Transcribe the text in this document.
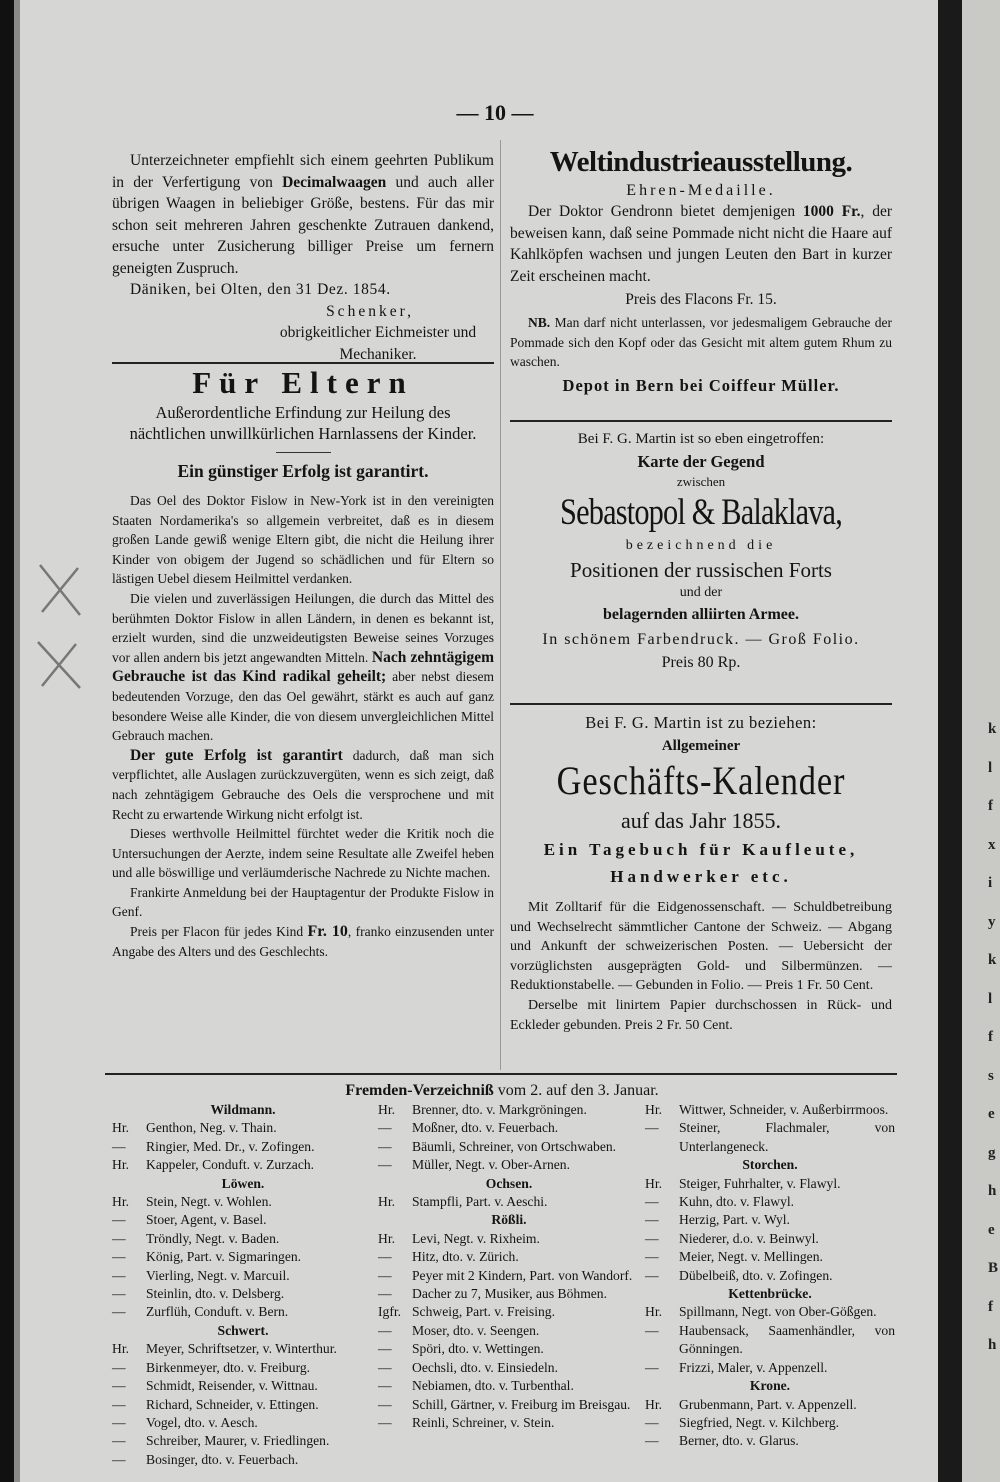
k
l
f
x
i
y
k
l
f
s
e
g
h
e
B
f
h
— 10 —

Unterzeichneter empfiehlt sich einem geehrten Publikum in der Verfertigung von Decimalwaagen und auch aller übrigen Waagen in beliebiger Größe, bestens. Für das mir schon seit mehreren Jahren geschenkte Zutrauen dankend, ersuche unter Zusicherung billiger Preise um fernern geneigten Zuspruch.

Däniken, bei Olten, den 31 Dez. 1854.

Schenker,

obrigkeitlicher Eichmeister und Mechaniker.

Für Eltern

Außerordentliche Erfindung zur Heilung des nächtlichen unwillkürlichen Harnlassens der Kinder.

Ein günstiger Erfolg ist garantirt.

Das Oel des Doktor Fislow in New-York ist in den vereinigten Staaten Nordamerika's so allgemein verbreitet, daß es in diesem großen Lande gewiß wenige Eltern gibt, die nicht die Heilung ihrer Kinder von obigem der Jugend so schädlichen und für Eltern so lästigen Uebel diesem Heilmittel verdanken.

Die vielen und zuverlässigen Heilungen, die durch das Mittel des berühmten Doktor Fislow in allen Ländern, in denen es bekannt ist, erzielt wurden, sind die unzweideutigsten Beweise seines Vorzuges vor allen andern bis jetzt angewandten Mitteln. Nach zehntägigem Gebrauche ist das Kind radikal geheilt; aber nebst diesem bedeutenden Vorzuge, den das Oel gewährt, stärkt es auch auf ganz besondere Weise alle Kinder, die von diesem unvergleichlichen Mittel Gebrauch machen.

Der gute Erfolg ist garantirt dadurch, daß man sich verpflichtet, alle Auslagen zurückzuvergüten, wenn es sich zeigt, daß nach zehntägigem Gebrauche des Oels die versprochene und mit Recht zu erwartende Wirkung nicht erfolgt ist.

Dieses werthvolle Heilmittel fürchtet weder die Kritik noch die Untersuchungen der Aerzte, indem seine Resultate alle Zweifel heben und alle böswillige und verläumderische Nachrede zu Nichte machen.

Frankirte Anmeldung bei der Hauptagentur der Produkte Fislow in Genf.

Preis per Flacon für jedes Kind Fr. 10, franko einzusenden unter Angabe des Alters und des Geschlechts.

Weltindustrieausstellung.

Ehren-Medaille.

Der Doktor Gendronn bietet demjenigen 1000 Fr., der beweisen kann, daß seine Pommade nicht nicht die Haare auf Kahlköpfen wachsen und jungen Leuten den Bart in kurzer Zeit erscheinen macht.

Preis des Flacons Fr. 15.

NB. Man darf nicht unterlassen, vor jedesmaligem Gebrauche der Pommade sich den Kopf oder das Gesicht mit altem gutem Rhum zu waschen.

Depot in Bern bei Coiffeur Müller.

Bei F. G. Martin ist so eben eingetroffen:

Karte der Gegend

zwischen

Sebastopol & Balaklava,

bezeichnend die

Positionen der russischen Forts

und der

belagernden alliirten Armee.

In schönem Farbendruck. — Groß Folio.

Preis 80 Rp.

Bei F. G. Martin ist zu beziehen:

Allgemeiner

Geschäfts-Kalender

auf das Jahr 1855.

Ein Tagebuch für Kaufleute,

Handwerker etc.

Mit Zolltarif für die Eidgenossenschaft. — Schuldbetreibung und Wechselrecht sämmtlicher Cantone der Schweiz. — Abgang und Ankunft der schweizerischen Posten. — Uebersicht der vorzüglichsten ausgeprägten Gold- und Silbermünzen. — Reduktionstabelle. — Gebunden in Folio. — Preis 1 Fr. 50 Cent.

Derselbe mit linirtem Papier durchschossen in Rück- und Eckleder gebunden. Preis 2 Fr. 50 Cent.

Fremden-Verzeichniß vom 2. auf den 3. Januar.
Wildmann.
Hr.	Genthon, Neg. v. Thain.
—	Ringier, Med. Dr., v. Zofingen.
Hr.	Kappeler, Conduft. v. Zurzach.
Löwen.
Hr.	Stein, Negt. v. Wohlen.
—	Stoer, Agent, v. Basel.
—	Tröndly, Negt. v. Baden.
—	König, Part. v. Sigmaringen.
—	Vierling, Negt. v. Marcuil.
—	Steinlin, dto. v. Delsberg.
—	Zurflüh, Conduft. v. Bern.
Schwert.
Hr.	Meyer, Schriftsetzer, v. Winterthur.
—	Birkenmeyer, dto. v. Freiburg.
—	Schmidt, Reisender, v. Wittnau.
—	Richard, Schneider, v. Ettingen.
—	Vogel, dto. v. Aesch.
—	Schreiber, Maurer, v. Friedlingen.
—	Bosinger, dto. v. Feuerbach.
Hr.	Brenner, dto. v. Markgröningen.
—	Moßner, dto. v. Feuerbach.
—	Bäumli, Schreiner, von Ortschwaben.
—	Müller, Negt. v. Ober-Arnen.
Ochsen.
Hr.	Stampfli, Part. v. Aeschi.
Rößli.
Hr.	Levi, Negt. v. Rixheim.
—	Hitz, dto. v. Zürich.
—	Peyer mit 2 Kindern, Part. von Wandorf.
—	Dacher zu 7, Musiker, aus Böhmen.
Igfr. Schweig, Part. v. Freising.
—	Moser, dto. v. Seengen.
—	Spöri, dto. v. Wettingen.
—	Oechsli, dto. v. Einsiedeln.
—	Nebiamen, dto. v. Turbenthal.
—	Schill, Gärtner, v. Freiburg im Breisgau.
—	Reinli, Schreiner, v. Stein.
Hr.	Wittwer, Schneider, v. Außerbirrmoos.
—	Steiner, Flachmaler, von Unterlangeneck.
Storchen.
Hr.	Steiger, Fuhrhalter, v. Flawyl.
—	Kuhn, dto. v. Flawyl.
—	Herzig, Part. v. Wyl.
—	Niederer, d.o. v. Beinwyl.
—	Meier, Negt. v. Mellingen.
—	Dübelbeiß, dto. v. Zofingen.
Kettenbrücke.
Hr.	Spillmann, Negt. von Ober-Gößgen.
—	Haubensack, Saamenhändler, von Gönningen.
—	Frizzi, Maler, v. Appenzell.
Krone.
Hr.	Grubenmann, Part. v. Appenzell.
—	Siegfried, Negt. v. Kilchberg.
—	Berner, dto. v. Glarus.
